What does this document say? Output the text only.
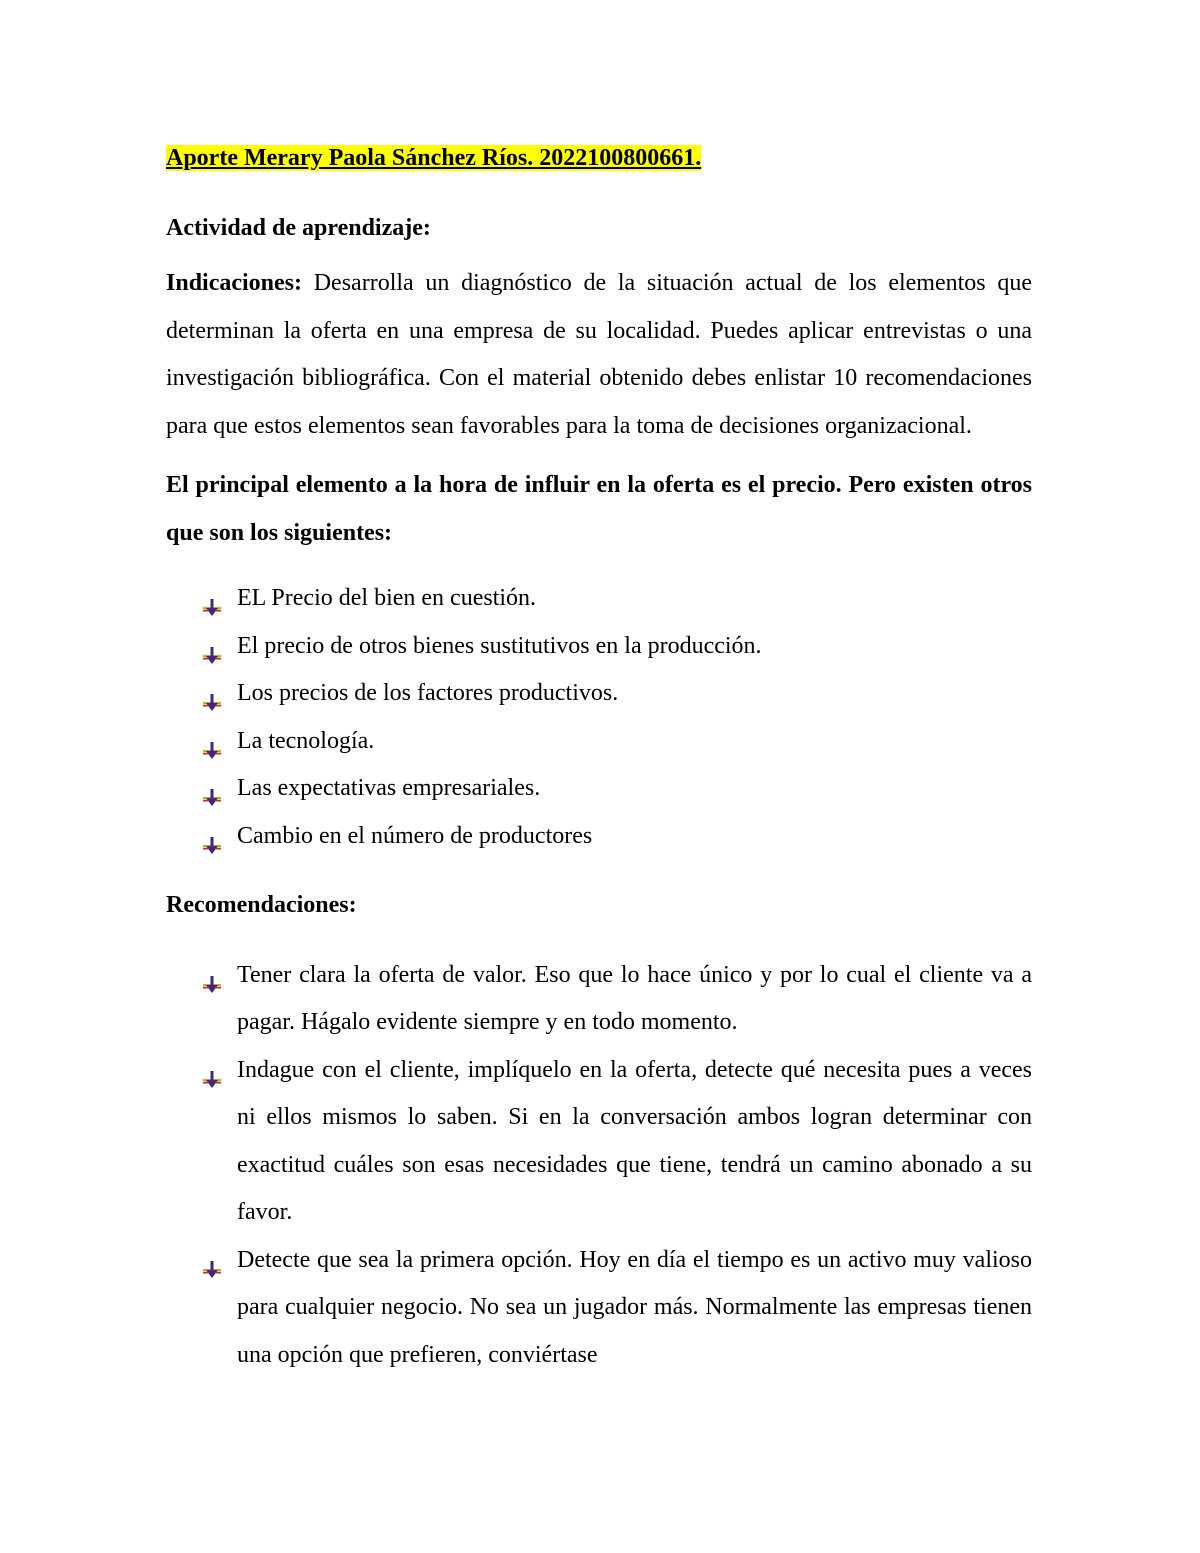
Aporte Merary Paola Sánchez Ríos. 2022100800661.

Actividad de aprendizaje:

Indicaciones: Desarrolla un diagnóstico de la situación actual de los elementos que determinan la oferta en una empresa de su localidad. Puedes aplicar entrevistas o una investigación bibliográfica. Con el material obtenido debes enlistar 10 recomendaciones para que estos elementos sean favorables para la toma de decisiones organizacional.

El principal elemento a la hora de influir en la oferta es el precio. Pero existen otros que son los siguientes:

EL Precio del bien en cuestión.
El precio de otros bienes sustitutivos en la producción.
Los precios de los factores productivos.
La tecnología.
Las expectativas empresariales.
Cambio en el número de productores

Recomendaciones:

Tener clara la oferta de valor. Eso que lo hace único y por lo cual el cliente va a pagar. Hágalo evidente siempre y en todo momento.
Indague con el cliente, implíquelo en la oferta, detecte qué necesita pues a veces ni ellos mismos lo saben. Si en la conversación ambos logran determinar con exactitud cuáles son esas necesidades que tiene, tendrá un camino abonado a su favor.
Detecte que sea la primera opción. Hoy en día el tiempo es un activo muy valioso para cualquier negocio. No sea un jugador más. Normalmente las empresas tienen una opción que prefieren, conviértase
